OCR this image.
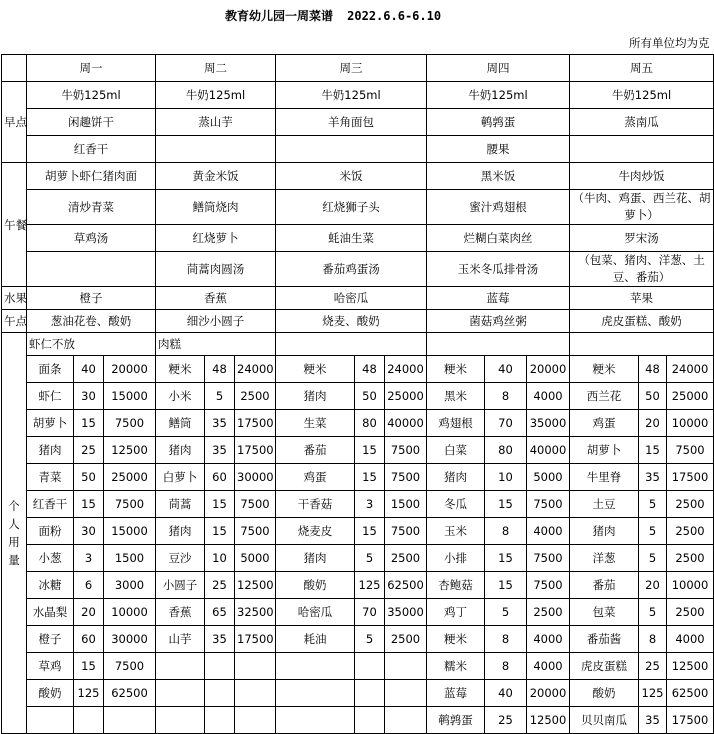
教育幼儿园一周菜谱 2022.6.6-6.10
所有单位均为克															
	周一			周二			周三			周四			周五		
早点	牛奶125ml			牛奶125ml			牛奶125ml			牛奶125ml			牛奶125ml		
	闲趣饼干			蒸山芋			羊角面包			鹌鹑蛋			蒸南瓜		
	红香干									腰果					
午餐	胡萝卜虾仁猪肉面			黄金米饭			米饭			黑米饭			牛肉炒饭		
	清炒青菜			鳝筒烧肉			红烧狮子头			蜜汁鸡翅根			（牛肉、鸡蛋、西兰花、胡萝卜）		
	草鸡汤			红烧萝卜			蚝油生菜			烂糊白菜肉丝			罗宋汤		
				茼蒿肉圆汤			番茄鸡蛋汤			玉米冬瓜排骨汤			（包菜、猪肉、洋葱、土豆、番茄）		
水果	橙子			香蕉			哈密瓜			蓝莓			苹果		
午点	葱油花卷、酸奶			细沙小圆子			烧麦、酸奶			菌菇鸡丝粥			虎皮蛋糕、酸奶		
个人用量	虾仁不放			肉糕											
	面条	40	20000	粳米	48	24000	粳米	48	24000	粳米	40	20000	粳米	48	24000
	虾仁	30	15000	小米	5	2500	猪肉	50	25000	黑米	8	4000	西兰花	50	25000
	胡萝卜	15	7500	鳝筒	35	17500	生菜	80	40000	鸡翅根	70	35000	鸡蛋	20	10000
	猪肉	25	12500	猪肉	35	17500	番茄	15	7500	白菜	80	40000	胡萝卜	15	7500
	青菜	50	25000	白萝卜	60	30000	鸡蛋	15	7500	猪肉	10	5000	牛里脊	35	17500
	红香干	15	7500	茼蒿	15	7500	干香菇	3	1500	冬瓜	15	7500	土豆	5	2500
	面粉	30	15000	猪肉	15	7500	烧麦皮	15	7500	玉米	8	4000	猪肉	5	2500
	小葱	3	1500	豆沙	10	5000	猪肉	5	2500	小排	15	7500	洋葱	5	2500
	冰糖	6	3000	小圆子	25	12500	酸奶	125	62500	杏鲍菇	15	7500	番茄	20	10000
	水晶梨	20	10000	香蕉	65	32500	哈密瓜	70	35000	鸡丁	5	2500	包菜	5	2500
	橙子	60	30000	山芋	35	17500	耗油	5	2500	粳米	8	4000	番茄酱	8	4000
	草鸡	15	7500							糯米	8	4000	虎皮蛋糕	25	12500
	酸奶	125	62500							蓝莓	40	20000	酸奶	125	62500
										鹌鹑蛋	25	12500	贝贝南瓜	35	17500
